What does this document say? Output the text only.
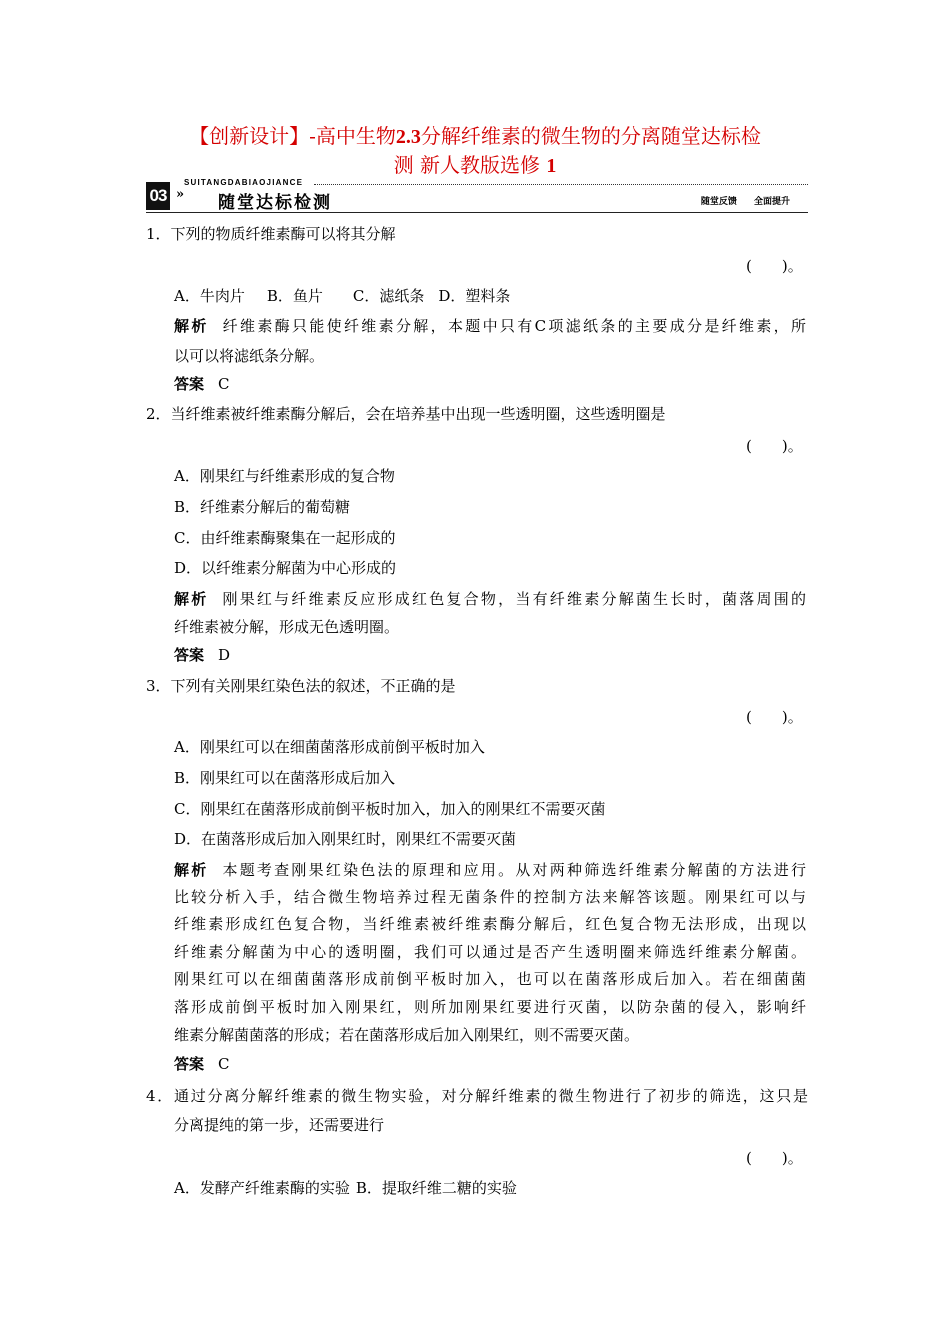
【创新设计】-高中生物2.3分解纤维素的微生物的分离随堂达标检
测 新人教版选修 1
03 »
SUITANGDABIAOJIANCE
随堂达标检测	随堂反馈 全面提升
1．下列的物质纤维素酶可以将其分解
(　　)。
A．牛肉片 B．鱼片 C．滤纸条 D．塑料条
解析 纤维素酶只能使纤维素分解，本题中只有C项滤纸条的主要成分是纤维素，所
以可以将滤纸条分解。
答案 C
2．当纤维素被纤维素酶分解后，会在培养基中出现一些透明圈，这些透明圈是
(　　)。
A．刚果红与纤维素形成的复合物
B．纤维素分解后的葡萄糖
C．由纤维素酶聚集在一起形成的
D．以纤维素分解菌为中心形成的
解析 刚果红与纤维素反应形成红色复合物，当有纤维素分解菌生长时，菌落周围的
纤维素被分解，形成无色透明圈。
答案 D
3．下列有关刚果红染色法的叙述，不正确的是
(　　)。
A．刚果红可以在细菌菌落形成前倒平板时加入
B．刚果红可以在菌落形成后加入
C．刚果红在菌落形成前倒平板时加入，加入的刚果红不需要灭菌
D．在菌落形成后加入刚果红时，刚果红不需要灭菌
解析 本题考查刚果红染色法的原理和应用。从对两种筛选纤维素分解菌的方法进行
比较分析入手，结合微生物培养过程无菌条件的控制方法来解答该题。刚果红可以与
纤维素形成红色复合物，当纤维素被纤维素酶分解后，红色复合物无法形成，出现以
纤维素分解菌为中心的透明圈，我们可以通过是否产生透明圈来筛选纤维素分解菌。
刚果红可以在细菌菌落形成前倒平板时加入，也可以在菌落形成后加入。若在细菌菌
落形成前倒平板时加入刚果红，则所加刚果红要进行灭菌，以防杂菌的侵入，影响纤
维素分解菌菌落的形成；若在菌落形成后加入刚果红，则不需要灭菌。
答案 C
4．通过分离分解纤维素的微生物实验，对分解纤维素的微生物进行了初步的筛选，这只是
分离提纯的第一步，还需要进行
(　　)。
A．发酵产纤维素酶的实验 B．提取纤维二糖的实验
